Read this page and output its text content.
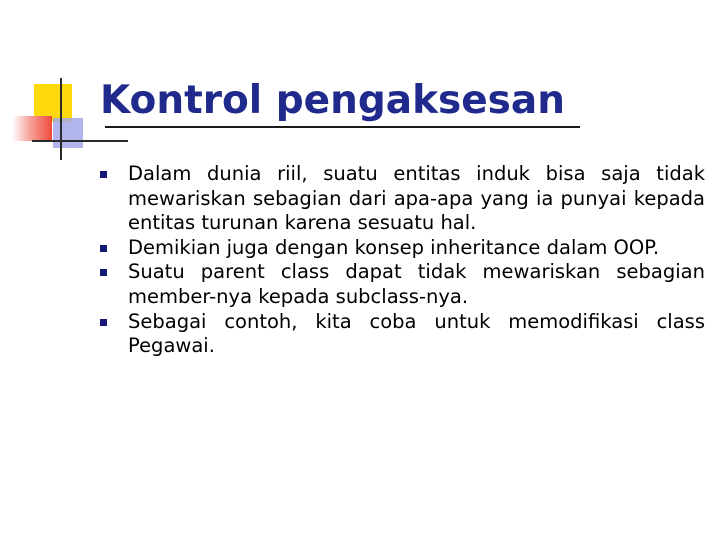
Kontrol pengaksesan
Dalam dunia riil, suatu entitas induk bisa saja tidak mewariskan sebagian dari apa-apa yang ia punyai kepada entitas turunan karena sesuatu hal.
Demikian juga dengan konsep inheritance dalam OOP.
Suatu parent class dapat tidak mewariskan sebagian member-nya kepada subclass-nya.
Sebagai contoh, kita coba untuk memodifikasi class Pegawai.
